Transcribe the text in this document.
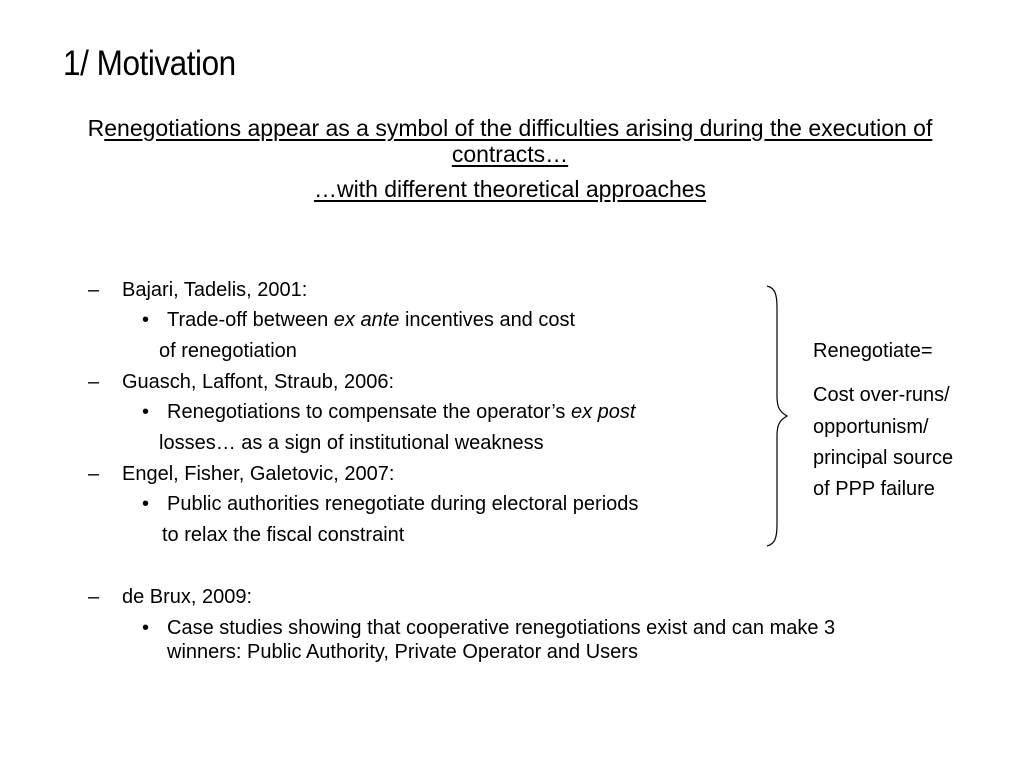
1/ Motivation
Renegotiations appear as a symbol of the difficulties arising during the execution of
contracts…
…with different theoretical approaches
– Bajari, Tadelis, 2001:
• Trade-off between ex ante incentives and cost
of renegotiation
– Guasch, Laffont, Straub, 2006:
• Renegotiations to compensate the operator’s ex post
losses… as a sign of institutional weakness
– Engel, Fisher, Galetovic, 2007:
• Public authorities renegotiate during electoral periods
to relax the fiscal constraint
– de Brux, 2009:
• Case studies showing that cooperative renegotiations exist and can make 3
winners: Public Authority, Private Operator and Users
Renegotiate=
Cost over-runs/
opportunism/
principal source
of PPP failure
